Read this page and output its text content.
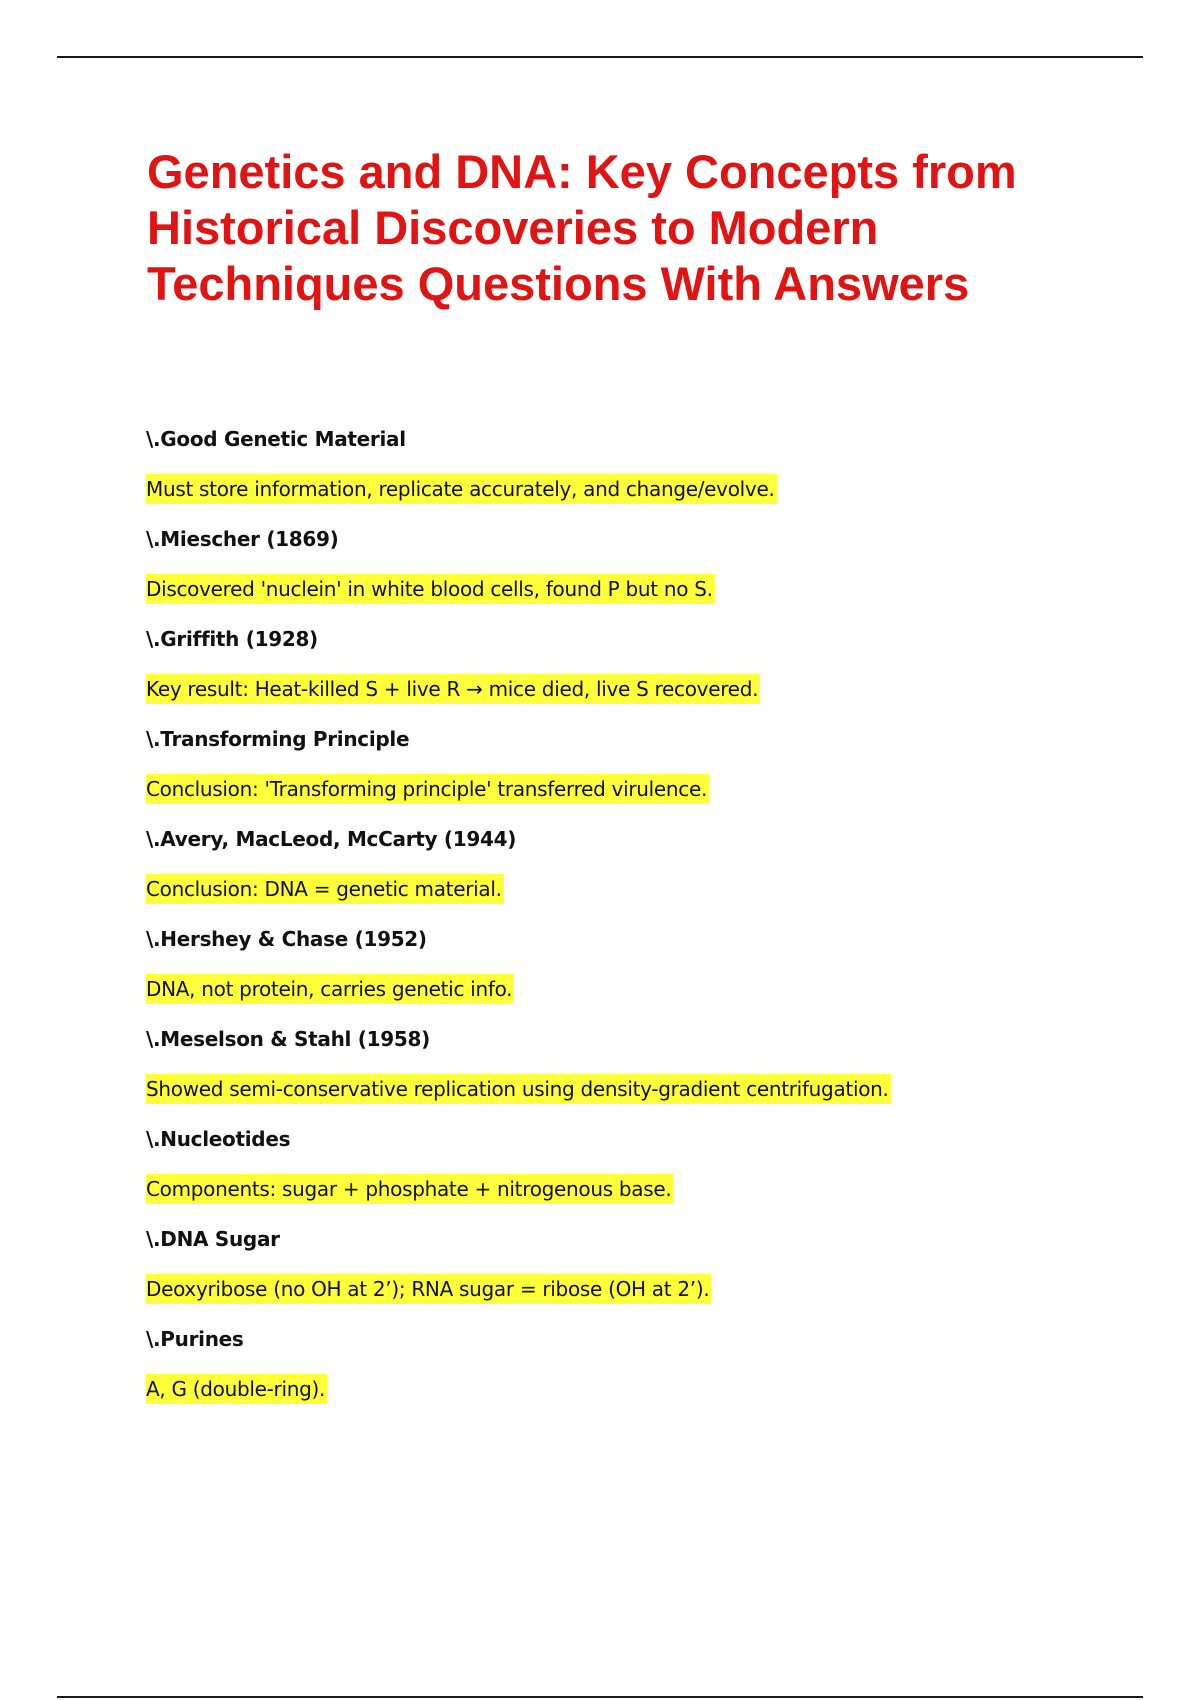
Genetics and DNA: Key Concepts from
Historical Discoveries to Modern
Techniques Questions With Answers
\.Good Genetic Material
Must store information, replicate accurately, and change/evolve.
\.Miescher (1869)
Discovered 'nuclein' in white blood cells, found P but no S.
\.Griffith (1928)
Key result: Heat-killed S + live R → mice died, live S recovered.
\.Transforming Principle
Conclusion: 'Transforming principle' transferred virulence.
\.Avery, MacLeod, McCarty (1944)
Conclusion: DNA = genetic material.
\.Hershey & Chase (1952)
DNA, not protein, carries genetic info.
\.Meselson & Stahl (1958)
Showed semi-conservative replication using density-gradient centrifugation.
\.Nucleotides
Components: sugar + phosphate + nitrogenous base.
\.DNA Sugar
Deoxyribose (no OH at 2’); RNA sugar = ribose (OH at 2’).
\.Purines
A, G (double-ring).
